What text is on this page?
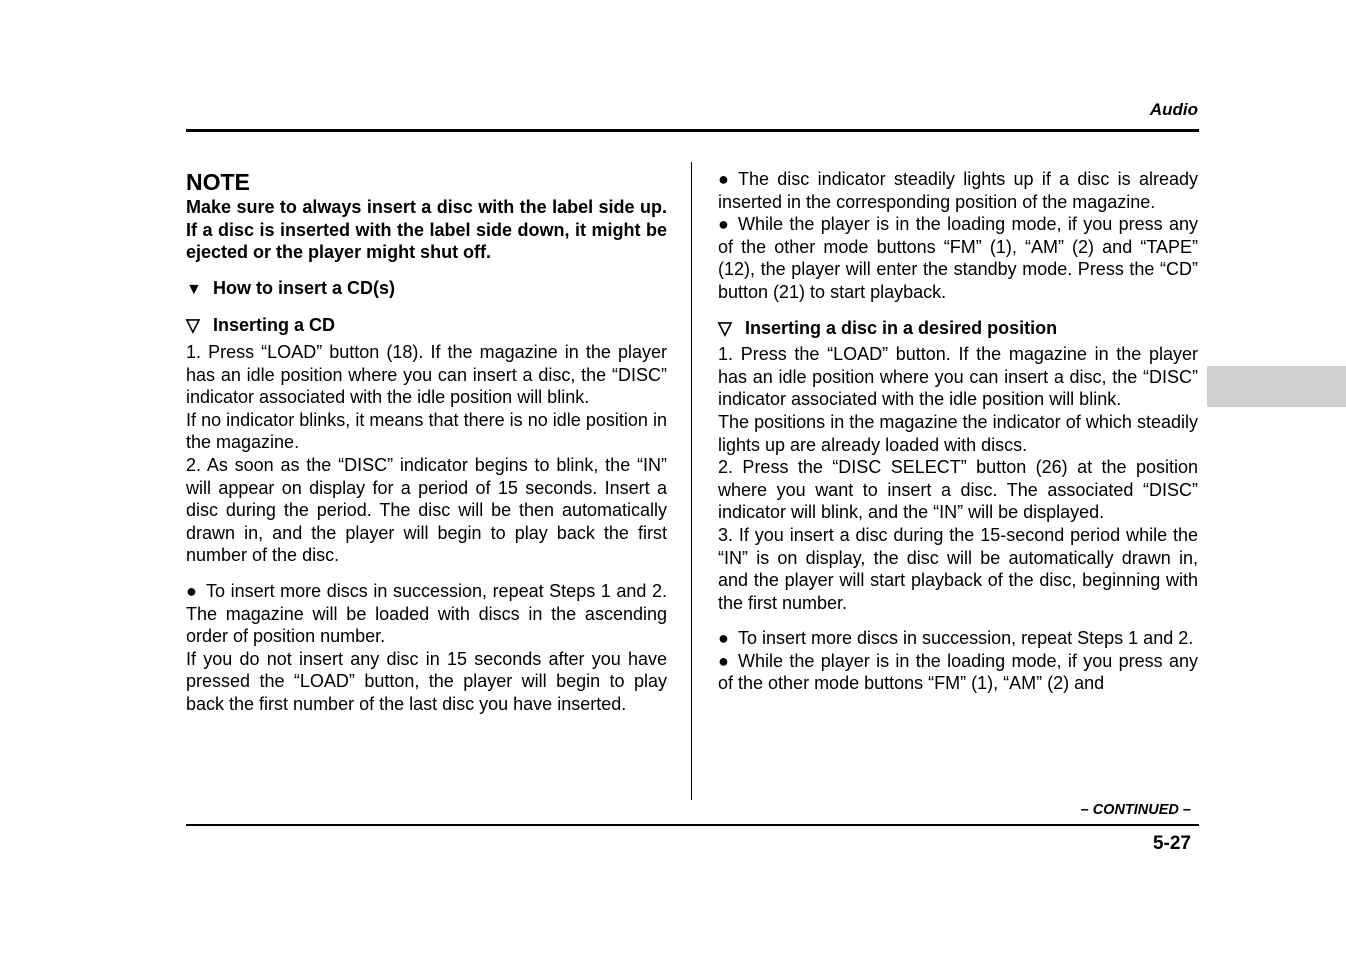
Audio

NOTE

Make sure to always insert a disc with the label side up. If a disc is inserted with the label side down, it might be ejected or the player might shut off.

▼ How to insert a CD(s)

▽ Inserting a CD

1. Press “LOAD” button (18). If the magazine in the player has an idle position where you can insert a disc, the “DISC” indicator associated with the idle position will blink.

If no indicator blinks, it means that there is no idle position in the magazine.

2. As soon as the “DISC” indicator begins to blink, the “IN” will appear on display for a period of 15 seconds. Insert a disc during the period. The disc will be then automatically drawn in, and the player will begin to play back the first number of the disc.

● To insert more discs in succession, repeat Steps 1 and 2. The magazine will be loaded with discs in the ascending order of position number.

If you do not insert any disc in 15 seconds after you have pressed the “LOAD” button, the player will begin to play back the first number of the last disc you have inserted.

● The disc indicator steadily lights up if a disc is already inserted in the corresponding position of the magazine.

● While the player is in the loading mode, if you press any of the other mode buttons “FM” (1), “AM” (2) and “TAPE” (12), the player will enter the standby mode. Press the “CD” button (21) to start playback.

▽ Inserting a disc in a desired position

1. Press the “LOAD” button. If the magazine in the player has an idle position where you can insert a disc, the “DISC” indicator associated with the idle position will blink.

The positions in the magazine the indicator of which steadily lights up are already loaded with discs.

2. Press the “DISC SELECT” button (26) at the position where you want to insert a disc. The associated “DISC” indicator will blink, and the “IN” will be displayed.

3. If you insert a disc during the 15-second period while the “IN” is on display, the disc will be automatically drawn in, and the player will start playback of the disc, beginning with the first number.

● To insert more discs in succession, repeat Steps 1 and 2.

● While the player is in the loading mode, if you press any of the other mode buttons “FM” (1), “AM” (2) and

– CONTINUED –
5-27
